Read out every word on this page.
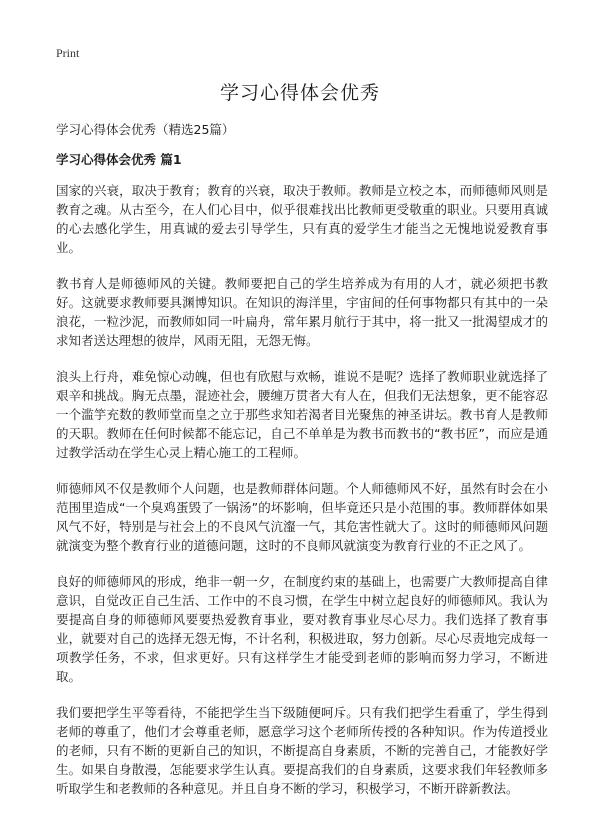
Print
学习心得体会优秀

学习心得体会优秀（精选25篇）

学习心得体会优秀 篇1

国家的兴衰，取决于教育；教育的兴衰，取决于教师。教师是立校之本，而师德师风则是教育之魂。从古至今，在人们心目中，似乎很难找出比教师更受敬重的职业。只要用真诚的心去感化学生，用真诚的爱去引导学生，只有真的爱学生才能当之无愧地说爱教育事业。

教书育人是师德师风的关键。教师要把自己的学生培养成为有用的人才，就必须把书教好。这就要求教师要具渊博知识。在知识的海洋里，宇宙间的任何事物都只有其中的一朵浪花，一粒沙泥，而教师如同一叶扁舟，常年累月航行于其中，将一批又一批渴望成才的求知者送达理想的彼岸，风雨无阻，无怨无悔。

浪头上行舟，难免惊心动魄，但也有欣慰与欢畅，谁说不是呢？选择了教师职业就选择了艰辛和挑战。胸无点墨，混迹社会，腰缠万贯者大有人在，但我们无法想象，更不能容忍一个滥竽充数的教师堂而皇之立于那些求知若渴者目光聚焦的神圣讲坛。教书育人是教师的天职。教师在任何时候都不能忘记，自己不单单是为教书而教书的“教书匠”，而应是通过教学活动在学生心灵上精心施工的工程师。

师德师风不仅是教师个人问题，也是教师群体问题。个人师德师风不好，虽然有时会在小范围里造成“一个臭鸡蛋毁了一锅汤”的坏影响，但毕竟还只是小范围的事。教师群体如果风气不好，特别是与社会上的不良风气沆瀣一气，其危害性就大了。这时的师德师风问题就演变为整个教育行业的道德问题，这时的不良师风就演变为教育行业的不正之风了。

良好的师德师风的形成，绝非一朝一夕，在制度约束的基础上，也需要广大教师提高自律意识，自觉改正自己生活、工作中的不良习惯，在学生中树立起良好的师德师风。我认为要提高自身的师德师风要要热爱教育事业，要对教育事业尽心尽力。我们选择了教育事业，就要对自己的选择无怨无悔，不计名利，积极进取，努力创新。尽心尽责地完成每一项教学任务，不求，但求更好。只有这样学生才能受到老师的影响而努力学习，不断进取。

我们要把学生平等看待，不能把学生当下级随便呵斥。只有我们把学生看重了，学生得到老师的尊重了，他们才会尊重老师，愿意学习这个老师所传授的各种知识。作为传道授业的老师，只有不断的更新自己的知识，不断提高自身素质，不断的完善自己，才能教好学生。如果自身散漫，怎能要求学生认真。要提高我们的自身素质，这要求我们年轻教师多听取学生和老教师的各种意见。并且自身不断的学习，积极学习，不断开辟新教法。
